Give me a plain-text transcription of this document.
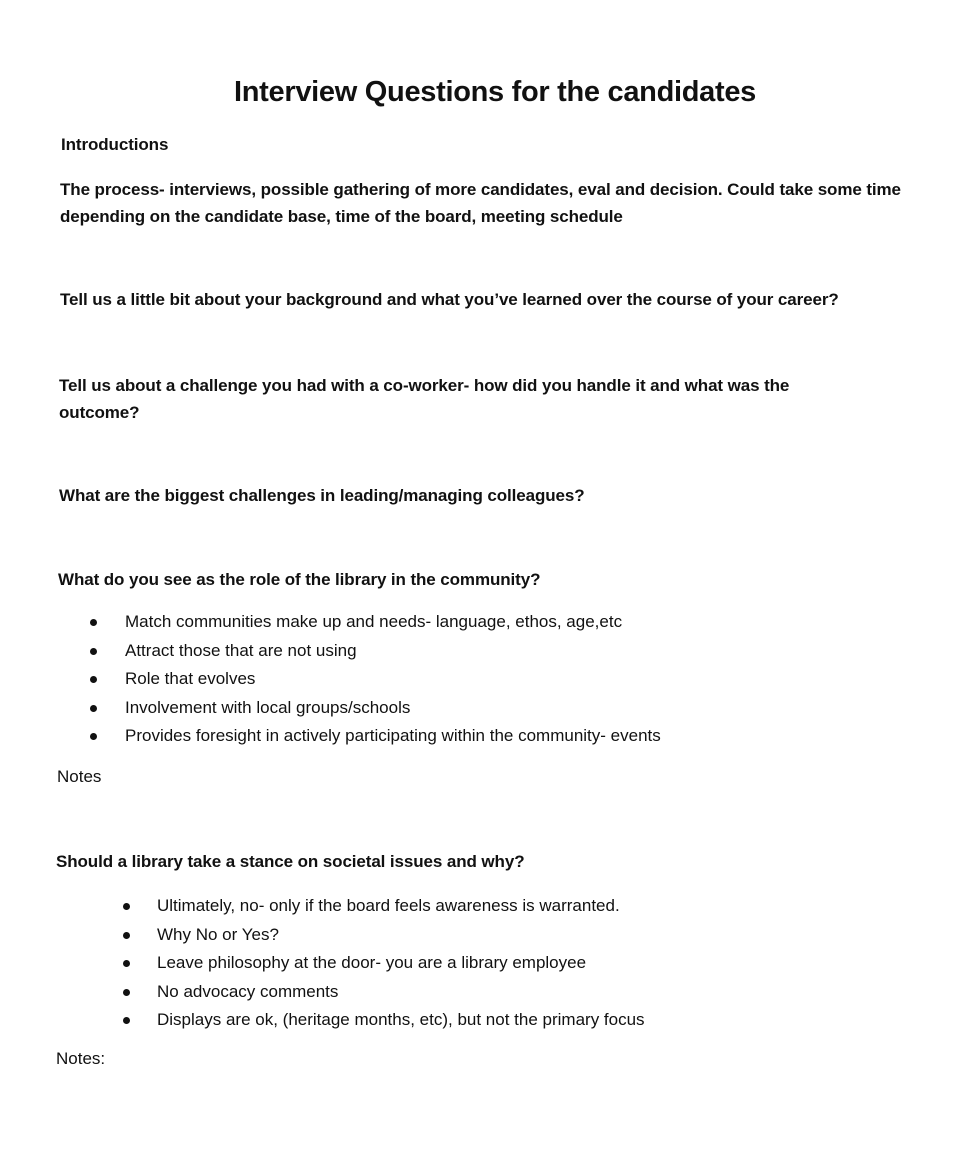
Interview Questions for the candidates
Introductions
The process- interviews, possible gathering of more candidates, eval and decision. Could take some time depending on the candidate base, time of the board, meeting schedule
Tell us a little bit about your background and what you’ve learned over the course of your career?
Tell us about a challenge you had with a co-worker- how did you handle it and what was the outcome?
What are the biggest challenges in leading/managing colleagues?
What do you see as the role of the library in the community?
Match communities make up and needs- language, ethos, age,etc
Attract those that are not using
Role that evolves
Involvement with local groups/schools
Provides foresight in actively participating within the community- events
Notes
Should a library take a stance on societal issues and why?
Ultimately, no- only if the board feels awareness is warranted.
Why No or Yes?
Leave philosophy at the door- you are a library employee
No advocacy comments
Displays are ok, (heritage months, etc), but not the primary focus
Notes:
